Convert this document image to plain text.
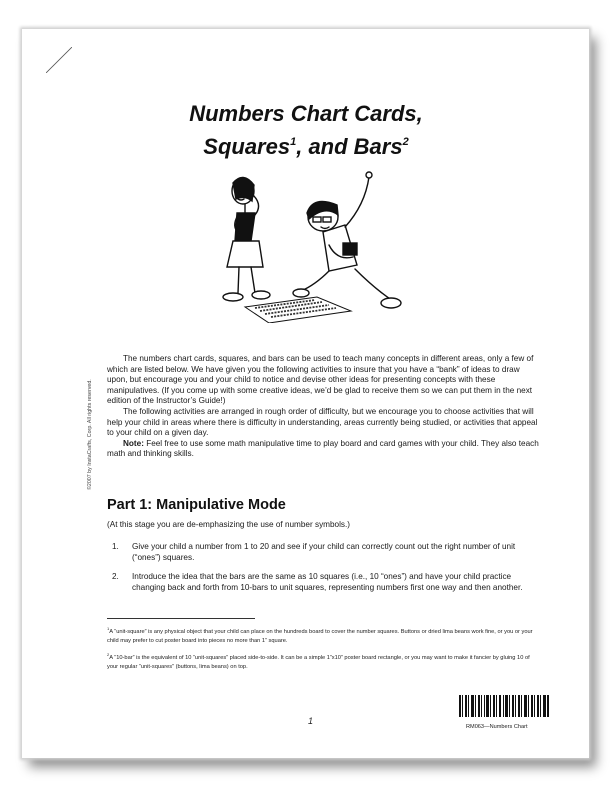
Numbers Chart Cards,
Squares$^1$, and Bars$^2$
©2007 by InstaCrafts, Corp. All rights reserved.

The numbers chart cards, squares, and bars can be used to teach many concepts in different areas, only a few of which are listed below. We have given you the following activities to insure that you have a “bank” of ideas to draw upon, but encourage you and your child to notice and devise other ideas for presenting concepts with these manipulatives. (If you come up with some creative ideas, we’d be glad to receive them so we can put them in the next edition of the Instructor’s Guide!)

The following activities are arranged in rough order of difficulty, but we encourage you to choose activities that will help your child in areas where there is difficulty in understanding, areas currently being studied, or activities that appeal to your child on a given day.

Note: Feel free to use some math manipulative time to play board and card games with your child. They also teach math and thinking skills.

Part 1: Manipulative Mode
(At this stage you are de-emphasizing the use of number symbols.)
1. Give your child a number from 1 to 20 and see if your child can correctly count out the right number of unit (“ones”) squares.
2. Introduce the idea that the bars are the same as 10 squares (i.e., 10 “ones”) and have your child practice changing back and forth from 10-bars to unit squares, representing numbers first one way and then another.
$^1$A “unit-square” is any physical object that your child can place on the hundreds board to cover the number squares. Buttons or dried lima beans work fine, or you or your child may prefer to cut poster board into pieces no more than 1” square.
$^2$A “10-bar” is the equivalent of 10 “unit-squares” placed side-to-side. It can be a simple 1”x10” poster board rectangle, or you may want to make it fancier by gluing 10 of your regular “unit-squares” (buttons, lima beans) on top.
1
RM063—Numbers Chart
